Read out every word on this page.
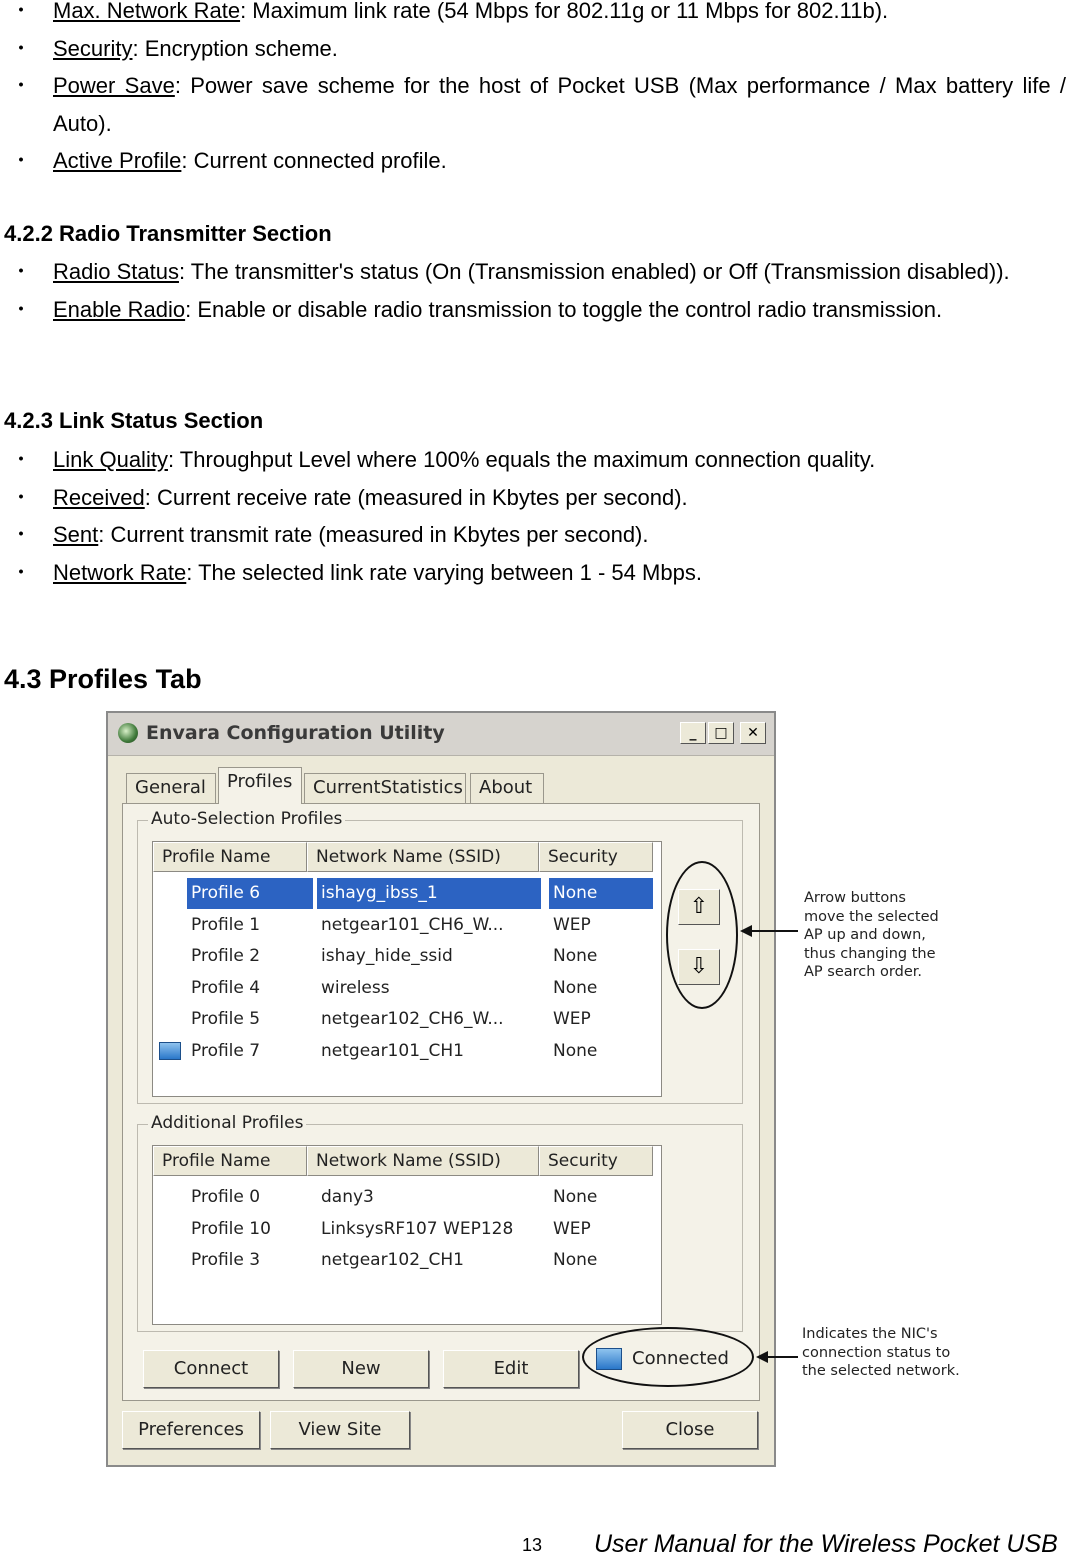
・ Max. Network Rate: Maximum link rate (54 Mbps for 802.11g or 11 Mbps for 802.11b).
・ Security: Encryption scheme.
・ Power Save: Power save scheme for the host of Pocket USB (Max performance / Max battery life / Auto).
・ Active Profile: Current connected profile.
4.2.2 Radio Transmitter Section
・ Radio Status: The transmitter's status (On (Transmission enabled) or Off (Transmission disabled)).
・ Enable Radio: Enable or disable radio transmission to toggle the control radio transmission.
4.2.3 Link Status Section
・ Link Quality: Throughput Level where 100% equals the maximum connection quality.
・ Received: Current receive rate (measured in Kbytes per second).
・ Sent: Current transmit rate (measured in Kbytes per second).
・ Network Rate: The selected link rate varying between 1 - 54 Mbps.
4.3 Profiles Tab
Envara Configuration Utility	_	□	✕
General	Profiles	CurrentStatistics About
Auto-Selection Profiles
Profile Name	Network Name (SSID)	Security
Profile 6	ishayg_ibss_1	None
Profile 1	netgear101_CH6_W...	WEP
Profile 2	ishay_hide_ssid	None
Profile 4	wireless	None
Profile 5	netgear102_CH6_W...	WEP
Profile 7	netgear101_CH1	None
⇧
⇩
Additional Profiles
Profile Name	Network Name (SSID)	Security
Profile 0	dany3	None
Profile 10	LinksysRF107 WEP128	WEP
Profile 3	netgear102_CH1	None
Connect	New	Edit	Connected
Preferences	View Site	Close
Arrow buttons move the selected AP up and down, thus changing the AP search order.
Indicates the NIC's connection status to the selected network.
13 User Manual for the Wireless Pocket USB
